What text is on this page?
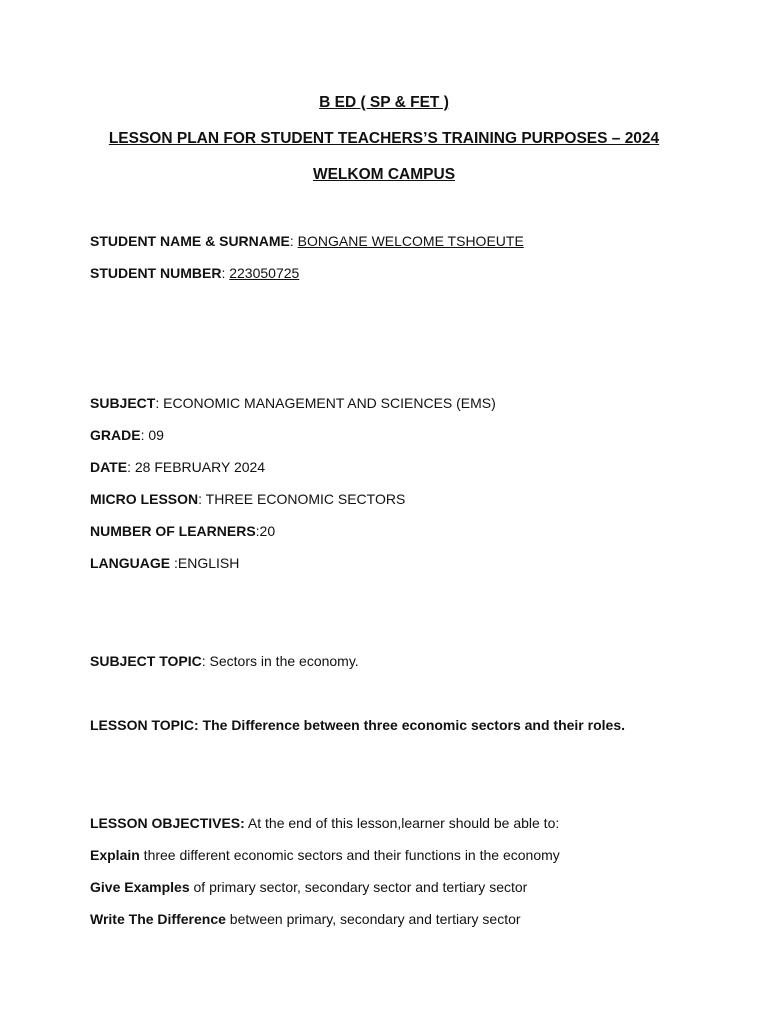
B ED ( SP & FET )
LESSON PLAN FOR STUDENT TEACHERS’S TRAINING PURPOSES – 2024
WELKOM CAMPUS
STUDENT NAME & SURNAME: BONGANE WELCOME TSHOEUTE
STUDENT NUMBER: 223050725
SUBJECT: ECONOMIC MANAGEMENT AND SCIENCES (EMS)
GRADE: 09
DATE: 28 FEBRUARY 2024
MICRO LESSON: THREE ECONOMIC SECTORS
NUMBER OF LEARNERS:20
LANGUAGE :ENGLISH
SUBJECT TOPIC: Sectors in the economy.
LESSON TOPIC: The Difference between three economic sectors and their roles.
LESSON OBJECTIVES: At the end of this lesson,learner should be able to:
Explain three different economic sectors and their functions in the economy
Give Examples of primary sector, secondary sector and tertiary sector
Write The Difference between primary, secondary and tertiary sector
